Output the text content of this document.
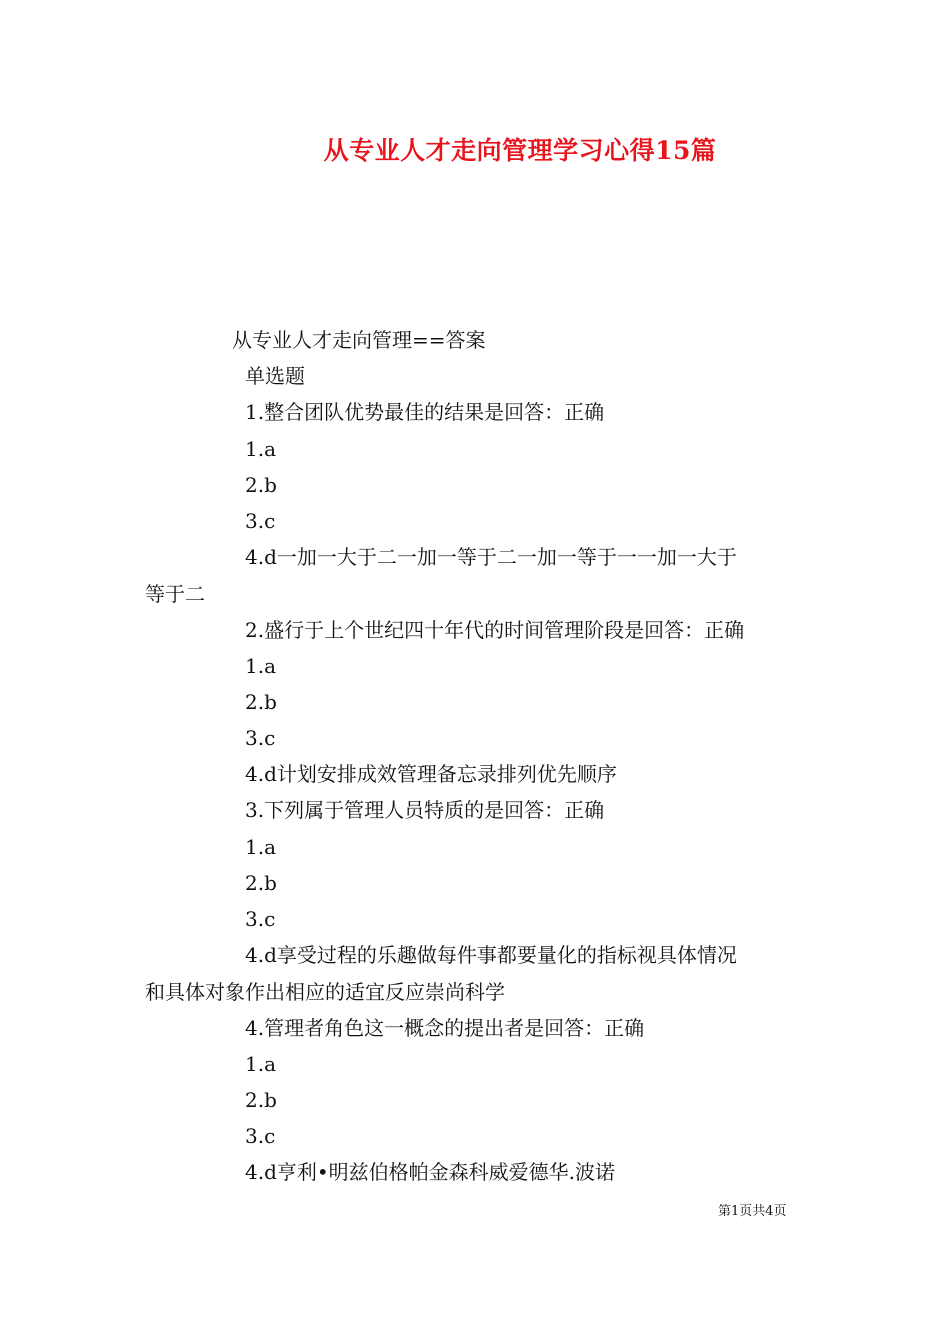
从专业人才走向管理学习心得15篇
从专业人才走向管理==答案
单选题
1.整合团队优势最佳的结果是回答：正确
1.a
2.b
3.c
4.d一加一大于二一加一等于二一加一等于一一加一大于
等于二
2.盛行于上个世纪四十年代的时间管理阶段是回答：正确
1.a
2.b
3.c
4.d计划安排成效管理备忘录排列优先顺序
3.下列属于管理人员特质的是回答：正确
1.a
2.b
3.c
4.d享受过程的乐趣做每件事都要量化的指标视具体情况
和具体对象作出相应的适宜反应崇尚科学
4.管理者角色这一概念的提出者是回答：正确
1.a
2.b
3.c
4.d亨利•明兹伯格帕金森科威爱德华.波诺
第1页共4页
